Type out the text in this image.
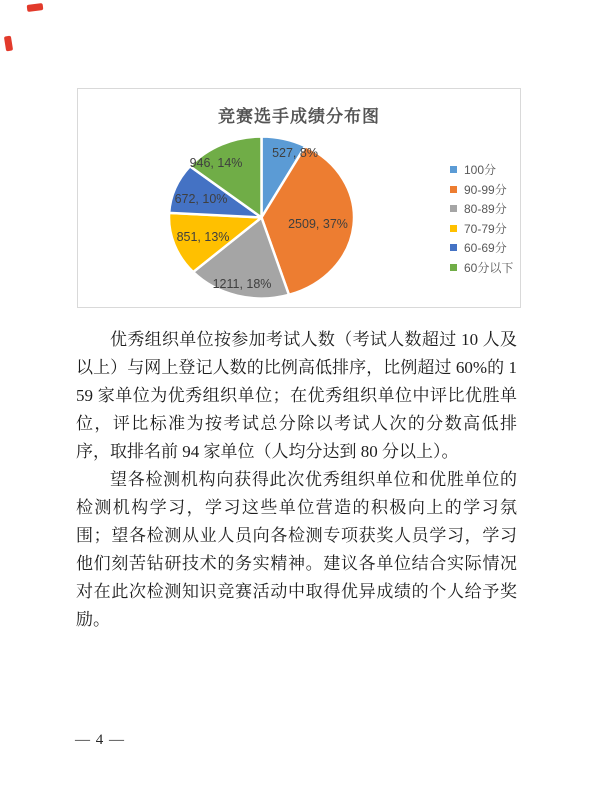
竞赛选手成绩分布图
527, 8%
2509, 37%
1211, 18%
851, 13%
672, 10%
946, 14%
100分
90-99分
80-89分
70-79分
60-69分
60分以下

优秀组织单位按参加考试人数（考试人数超过 10 人及以上）与网上登记人数的比例高低排序，比例超过 60%的 159 家单位为优秀组织单位；在优秀组织单位中评比优胜单位，评比标准为按考试总分除以考试人次的分数高低排序，取排名前 94 家单位（人均分达到 80 分以上）。

望各检测机构向获得此次优秀组织单位和优胜单位的检测机构学习，学习这些单位营造的积极向上的学习氛围；望各检测从业人员向各检测专项获奖人员学习，学习他们刻苦钻研技术的务实精神。建议各单位结合实际情况对在此次检测知识竞赛活动中取得优异成绩的个人给予奖励。

— 4 —
